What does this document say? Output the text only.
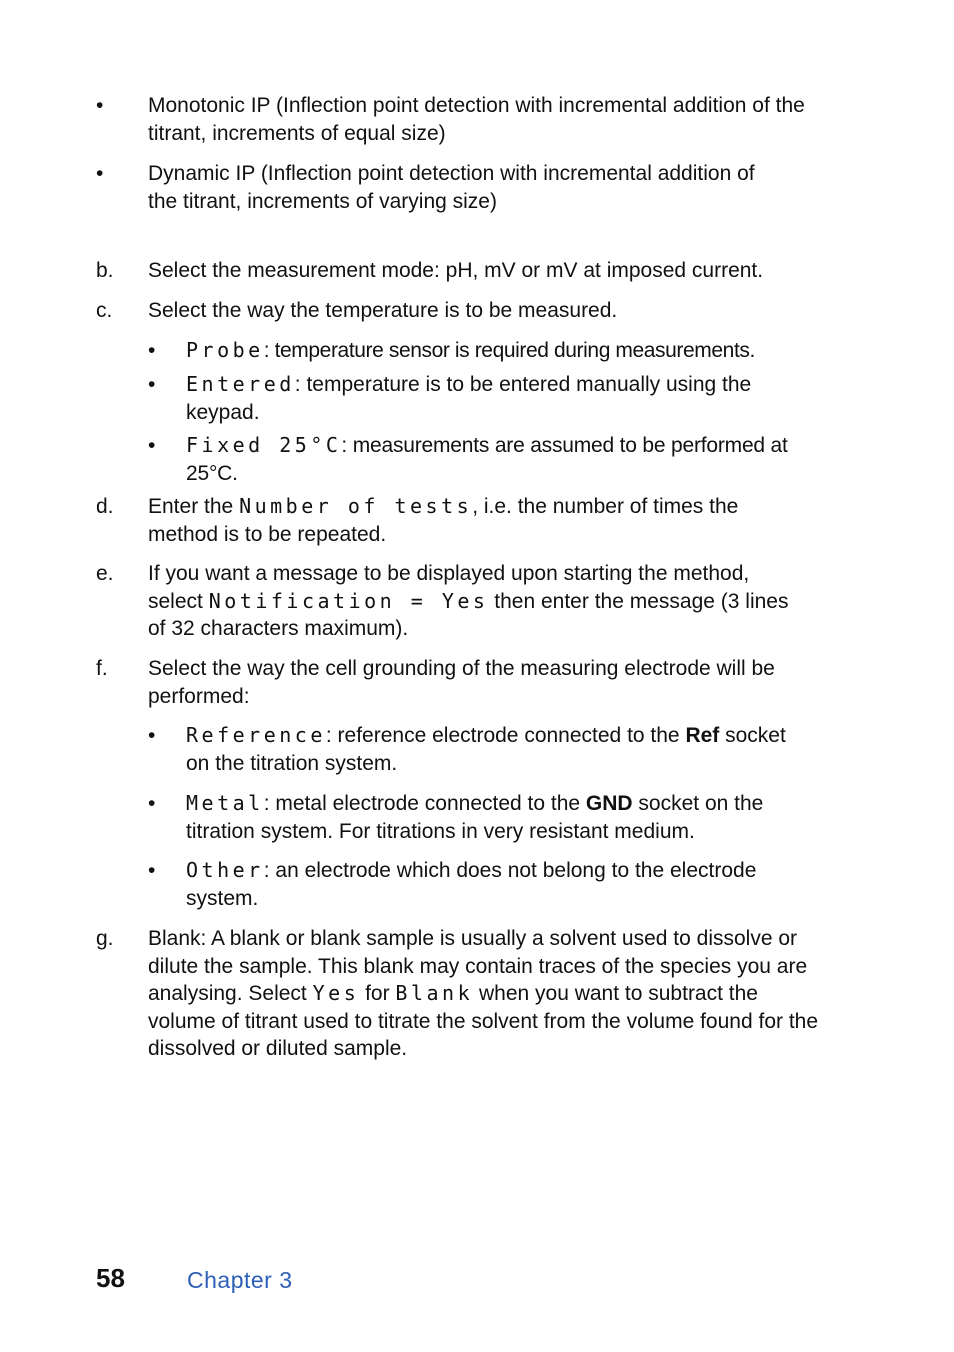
• Monotonic IP (Inflection point detection with incremental addition of the titrant, increments of equal size)
• Dynamic IP (Inflection point detection with incremental addition of the titrant, increments of varying size)
b. Select the measurement mode: pH, mV or mV at imposed current.
c. Select the way the temperature is to be measured.
• Probe: temperature sensor is required during measurements.
• Entered: temperature is to be entered manually using the keypad.
• Fixed 25°C: measurements are assumed to be performed at 25°C.
d. Enter the Number of tests, i.e. the number of times the method is to be repeated.
e. If you want a message to be displayed upon starting the method, select Notification = Yes then enter the message (3 lines of 32 characters maximum).
f. Select the way the cell grounding of the measuring electrode will be performed:
• Reference: reference electrode connected to the Ref socket on the titration system.
• Metal: metal electrode connected to the GND socket on the titration system. For titrations in very resistant medium.
• Other: an electrode which does not belong to the electrode system.
g. Blank: A blank or blank sample is usually a solvent used to dissolve or dilute the sample. This blank may contain traces of the species you are analysing. Select Yes for Blank when you want to subtract the volume of titrant used to titrate the solvent from the volume found for the dissolved or diluted sample.
58	Chapter 3
